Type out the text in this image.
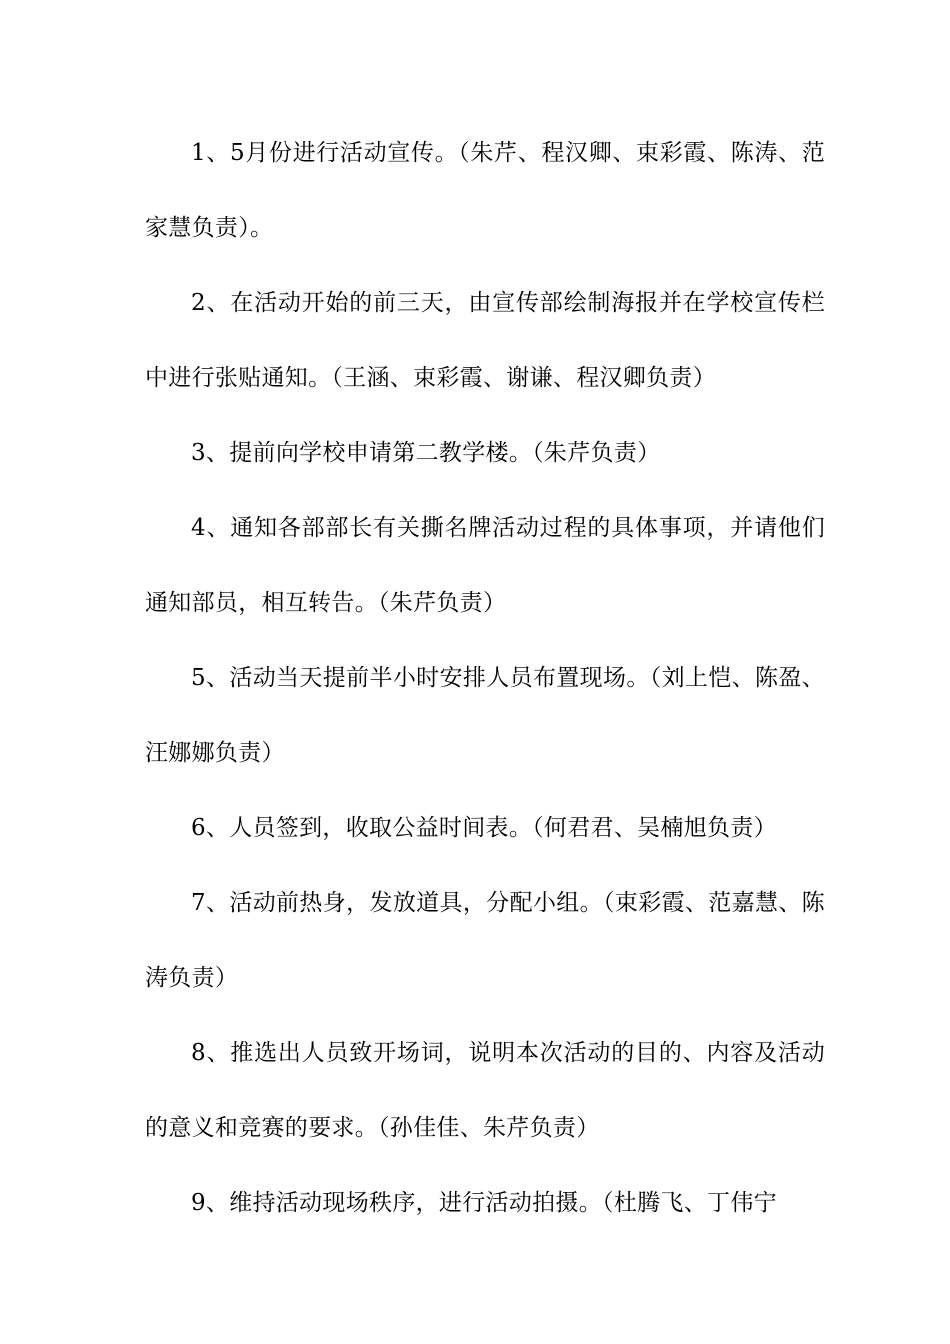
1、5月份进行活动宣传。（朱芹、程汉卿、束彩霞、陈涛、范家慧负责）。

2、在活动开始的前三天，由宣传部绘制海报并在学校宣传栏中进行张贴通知。（王涵、束彩霞、谢谦、程汉卿负责）

3、提前向学校申请第二教学楼。（朱芹负责）

4、通知各部部长有关撕名牌活动过程的具体事项，并请他们通知部员，相互转告。（朱芹负责）

5、活动当天提前半小时安排人员布置现场。（刘上恺、陈盈、汪娜娜负责）

6、人员签到，收取公益时间表。（何君君、吴楠旭负责）

7、活动前热身，发放道具，分配小组。（束彩霞、范嘉慧、陈涛负责）

8、推选出人员致开场词，说明本次活动的目的、内容及活动的意义和竞赛的要求。（孙佳佳、朱芹负责）

9、维持活动现场秩序，进行活动拍摄。（杜腾飞、丁伟宁
